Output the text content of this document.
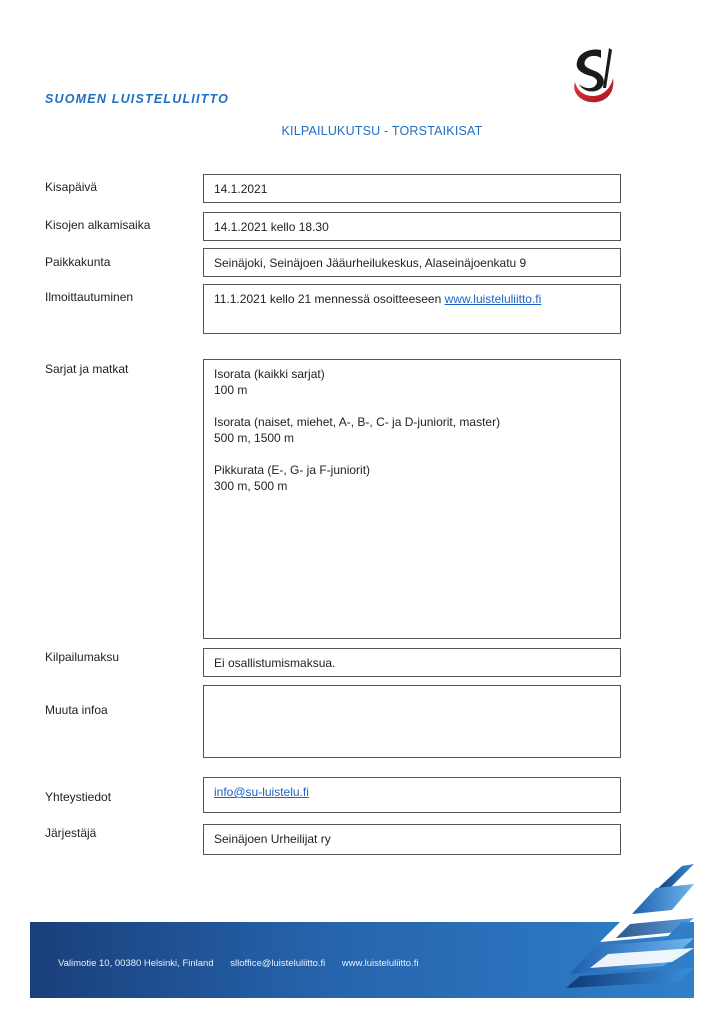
SUOMEN LUISTELULIITTO
KILPAILUKUTSU - TORSTAIKISAT
Kisapäivä	14.1.2021
Kisojen alkamisaika	14.1.2021 kello 18.30
Paikkakunta	Seinäjoki, Seinäjoen Jääurheilukeskus, Alaseinäjoenkatu 9
Ilmoittautuminen	11.1.2021 kello 21 mennessä osoitteeseen www.luisteluliitto.fi
Sarjat ja matkat	Isorata (kaikki sarjat)

100 m

Isorata (naiset, miehet, A-, B-, C- ja D-juniorit, master)

500 m, 1500 m

Pikkurata (E-, G- ja F-juniorit)

300 m, 500 m

Kilpailumaksu	Ei osallistumismaksua.
Muuta infoa
Yhteystiedot	info@su-luistelu.fi
Järjestäjä	Seinäjoen Urheilijat ry
Valimotie 10, 00380 Helsinki, Finland slloffice@luisteluliitto.fi www.luisteluliitto.fi
